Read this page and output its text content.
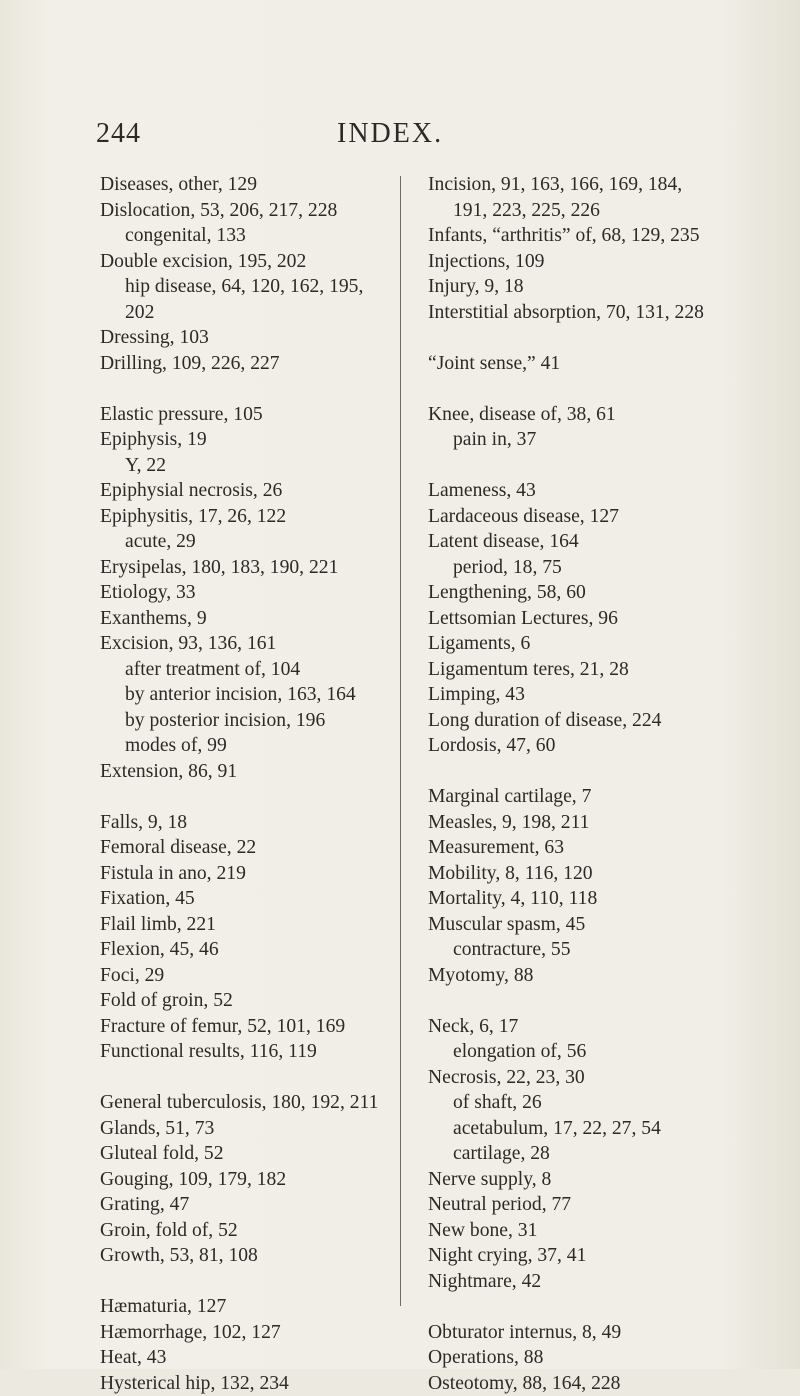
244	INDEX.
Diseases, other, 129
Dislocation, 53, 206, 217, 228
congenital, 133
Double excision, 195, 202
hip disease, 64, 120, 162, 195,
202
Dressing, 103
Drilling, 109, 226, 227
Elastic pressure, 105
Epiphysis, 19
Y, 22
Epiphysial necrosis, 26
Epiphysitis, 17, 26, 122
acute, 29
Erysipelas, 180, 183, 190, 221
Etiology, 33
Exanthems, 9
Excision, 93, 136, 161
after treatment of, 104
by anterior incision, 163, 164
by posterior incision, 196
modes of, 99
Extension, 86, 91
Falls, 9, 18
Femoral disease, 22
Fistula in ano, 219
Fixation, 45
Flail limb, 221
Flexion, 45, 46
Foci, 29
Fold of groin, 52
Fracture of femur, 52, 101, 169
Functional results, 116, 119
General tuberculosis, 180, 192, 211
Glands, 51, 73
Gluteal fold, 52
Gouging, 109, 179, 182
Grating, 47
Groin, fold of, 52
Growth, 53, 81, 108
Hæmaturia, 127
Hæmorrhage, 102, 127
Heat, 43
Hysterical hip, 132, 234
Incision, 91, 163, 166, 169, 184,
191, 223, 225, 226
Infants, “arthritis” of, 68, 129, 235
Injections, 109
Injury, 9, 18
Interstitial absorption, 70, 131, 228
“Joint sense,” 41
Knee, disease of, 38, 61
pain in, 37
Lameness, 43
Lardaceous disease, 127
Latent disease, 164
period, 18, 75
Lengthening, 58, 60
Lettsomian Lectures, 96
Ligaments, 6
Ligamentum teres, 21, 28
Limping, 43
Long duration of disease, 224
Lordosis, 47, 60
Marginal cartilage, 7
Measles, 9, 198, 211
Measurement, 63
Mobility, 8, 116, 120
Mortality, 4, 110, 118
Muscular spasm, 45
contracture, 55
Myotomy, 88
Neck, 6, 17
elongation of, 56
Necrosis, 22, 23, 30
of shaft, 26
acetabulum, 17, 22, 27, 54
cartilage, 28
Nerve supply, 8
Neutral period, 77
New bone, 31
Night crying, 37, 41
Nightmare, 42
Obturator internus, 8, 49
Operations, 88
Osteotomy, 88, 164, 228
